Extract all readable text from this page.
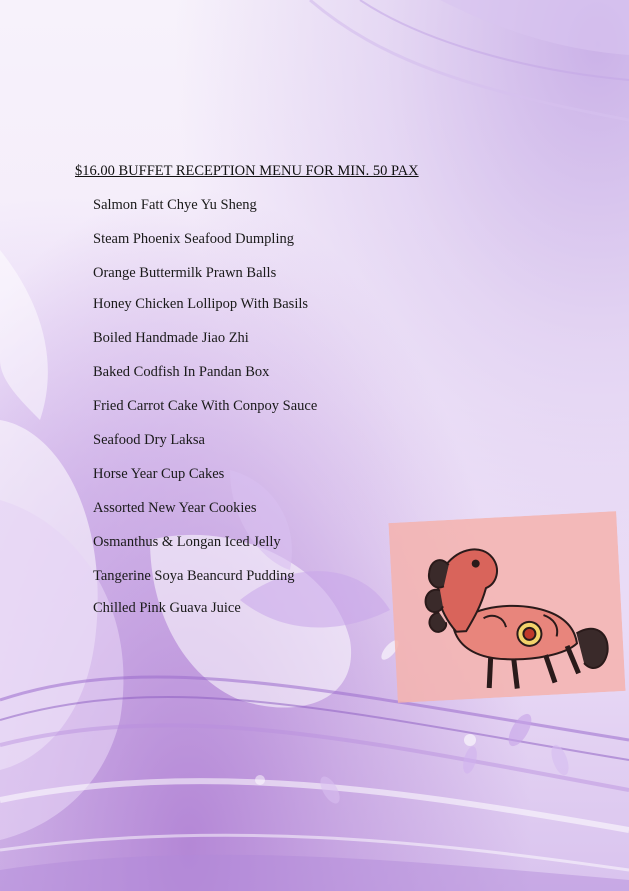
$16.00 BUFFET RECEPTION MENU FOR MIN. 50 PAX
Salmon Fatt Chye Yu Sheng
Steam Phoenix Seafood Dumpling
Orange Buttermilk Prawn Balls
Honey Chicken Lollipop With Basils
Boiled Handmade Jiao Zhi
Baked Codfish In Pandan Box
Fried Carrot Cake With Conpoy Sauce
Seafood Dry Laksa
Horse Year Cup Cakes
Assorted New Year Cookies
Osmanthus & Longan Iced Jelly
Tangerine Soya Beancurd Pudding
Chilled Pink Guava Juice
